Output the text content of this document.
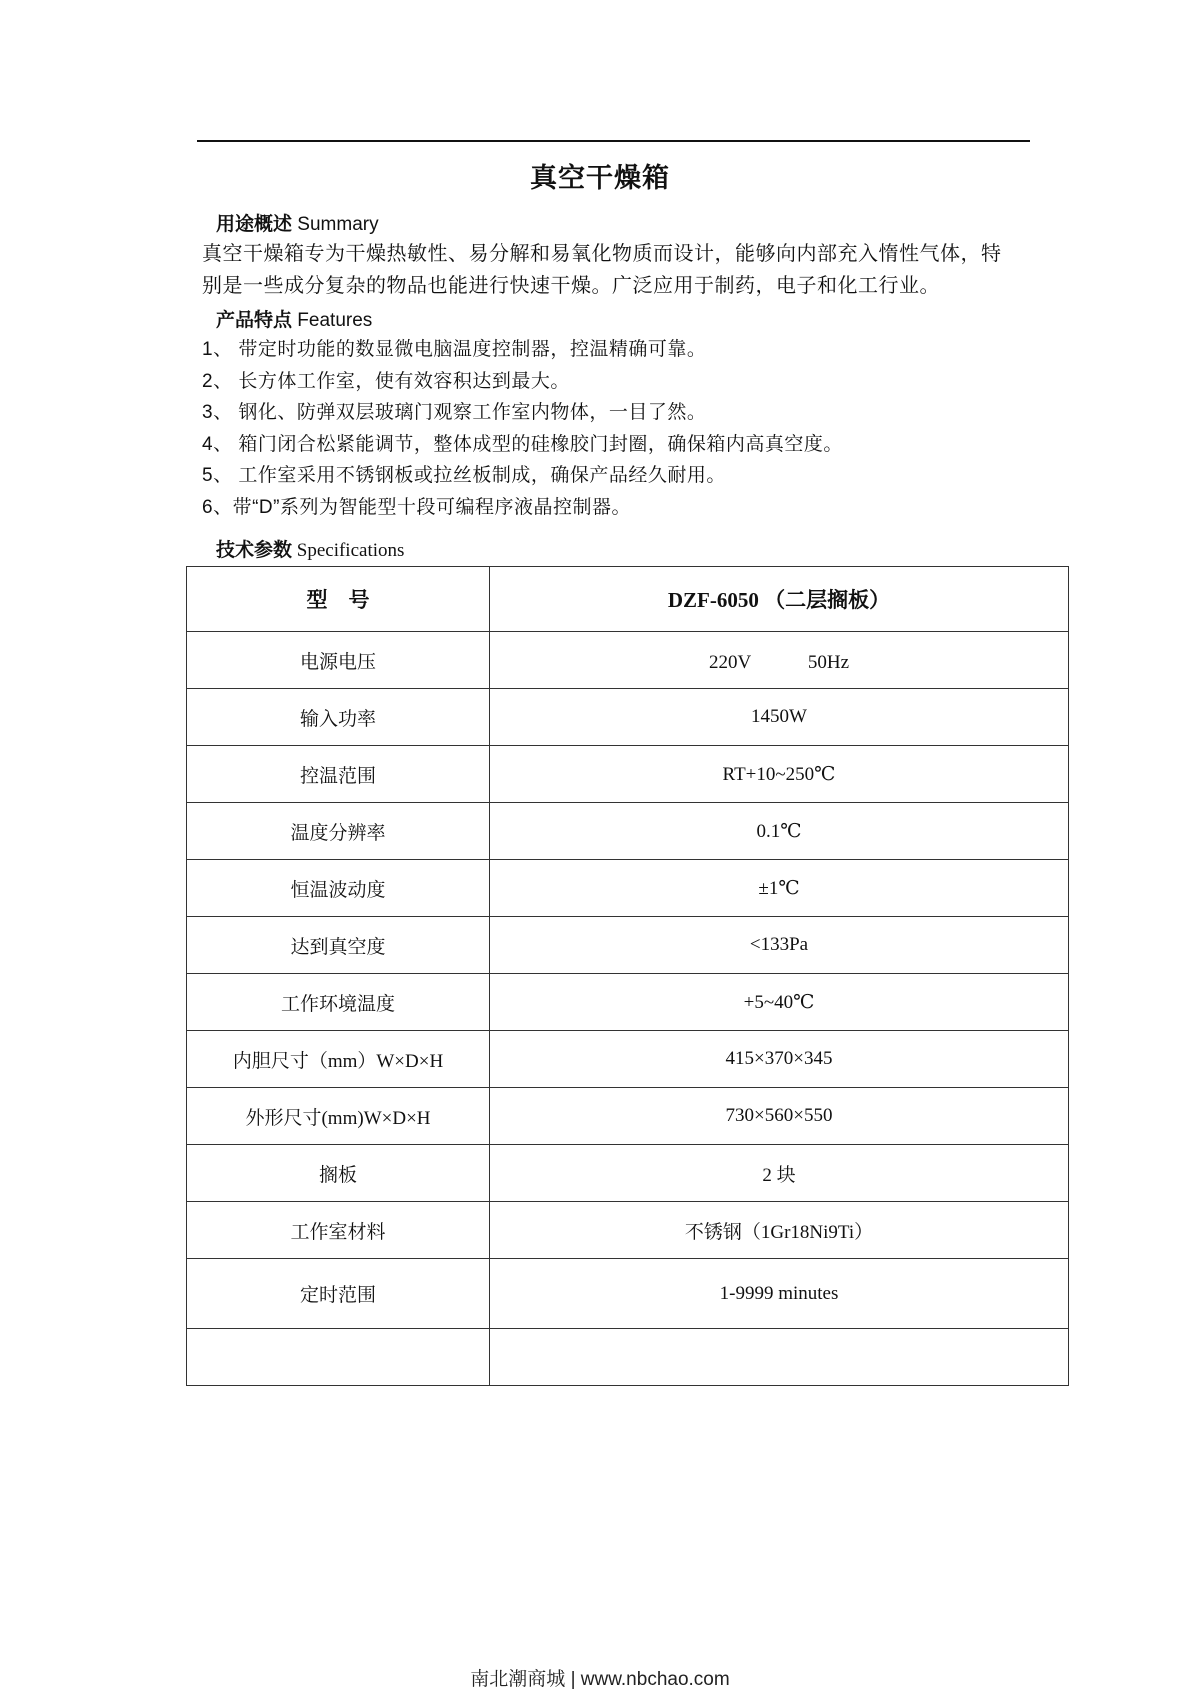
真空干燥箱
用途概述 Summary
真空干燥箱专为干燥热敏性、易分解和易氧化物质而设计，能够向内部充入惰性气体，特
别是一些成分复杂的物品也能进行快速干燥。广泛应用于制药，电子和化工行业。
产品特点 Features
1、 带定时功能的数显微电脑温度控制器，控温精确可靠。
2、 长方体工作室，使有效容积达到最大。
3、 钢化、防弹双层玻璃门观察工作室内物体，一目了然。
4、 箱门闭合松紧能调节，整体成型的硅橡胶门封圈，确保箱内高真空度。
5、 工作室采用不锈钢板或拉丝板制成，确保产品经久耐用。
6、带“D”系列为智能型十段可编程序液晶控制器。
技术参数 Specifications
型　号	DZF-6050 （二层搁板）
电源电压	220V　　　50Hz
输入功率	1450W
控温范围	RT+10~250℃
温度分辨率	0.1℃
恒温波动度	±1℃
达到真空度	<133Pa
工作环境温度	+5~40℃
内胆尺寸（mm）W×D×H	415×370×345
外形尺寸(mm)W×D×H	730×560×550
搁板	2 块
工作室材料	不锈钢（1Gr18Ni9Ti）
定时范围	1-9999 minutes

南北潮商城 | www.nbchao.com
